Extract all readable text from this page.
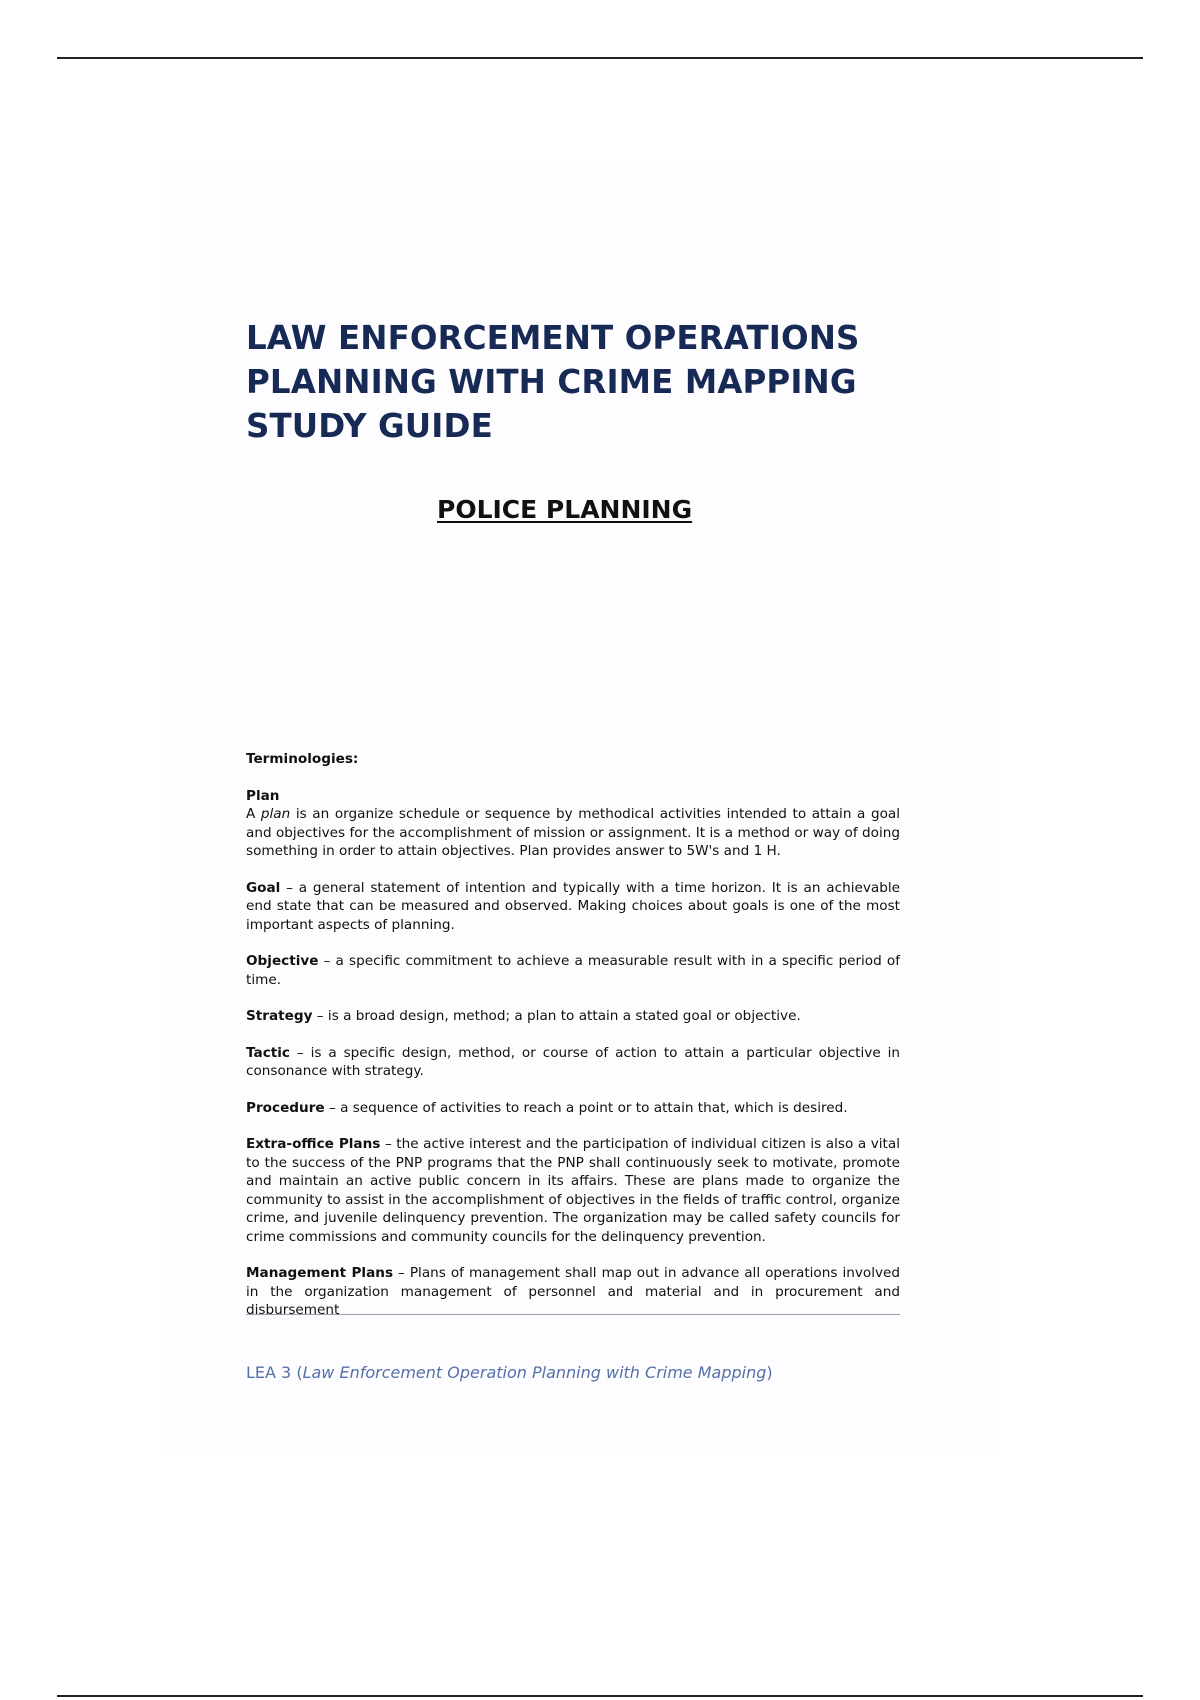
LAW ENFORCEMENT OPERATIONS
PLANNING WITH CRIME MAPPING
STUDY GUIDE
POLICE PLANNING
Terminologies:
Plan
A plan is an organize schedule or sequence by methodical activities intended to attain a goal and objectives for the accomplishment of mission or assignment. It is a method or way of doing something in order to attain objectives. Plan provides answer to 5W's and 1 H.
Goal – a general statement of intention and typically with a time horizon. It is an achievable end state that can be measured and observed. Making choices about goals is one of the most important aspects of planning.
Objective – a specific commitment to achieve a measurable result with in a specific period of time.
Strategy – is a broad design, method; a plan to attain a stated goal or objective.
Tactic – is a specific design, method, or course of action to attain a particular objective in consonance with strategy.
Procedure – a sequence of activities to reach a point or to attain that, which is desired.
Extra-office Plans – the active interest and the participation of individual citizen is also a vital to the success of the PNP programs that the PNP shall continuously seek to motivate, promote and maintain an active public concern in its affairs. These are plans made to organize the community to assist in the accomplishment of objectives in the fields of traffic control, organize crime, and juvenile delinquency prevention. The organization may be called safety councils for crime commissions and community councils for the delinquency prevention.
Management Plans – Plans of management shall map out in advance all operations involved in the organization management of personnel and material and in procurement and disbursement
LEA 3 (Law Enforcement Operation Planning with Crime Mapping)
